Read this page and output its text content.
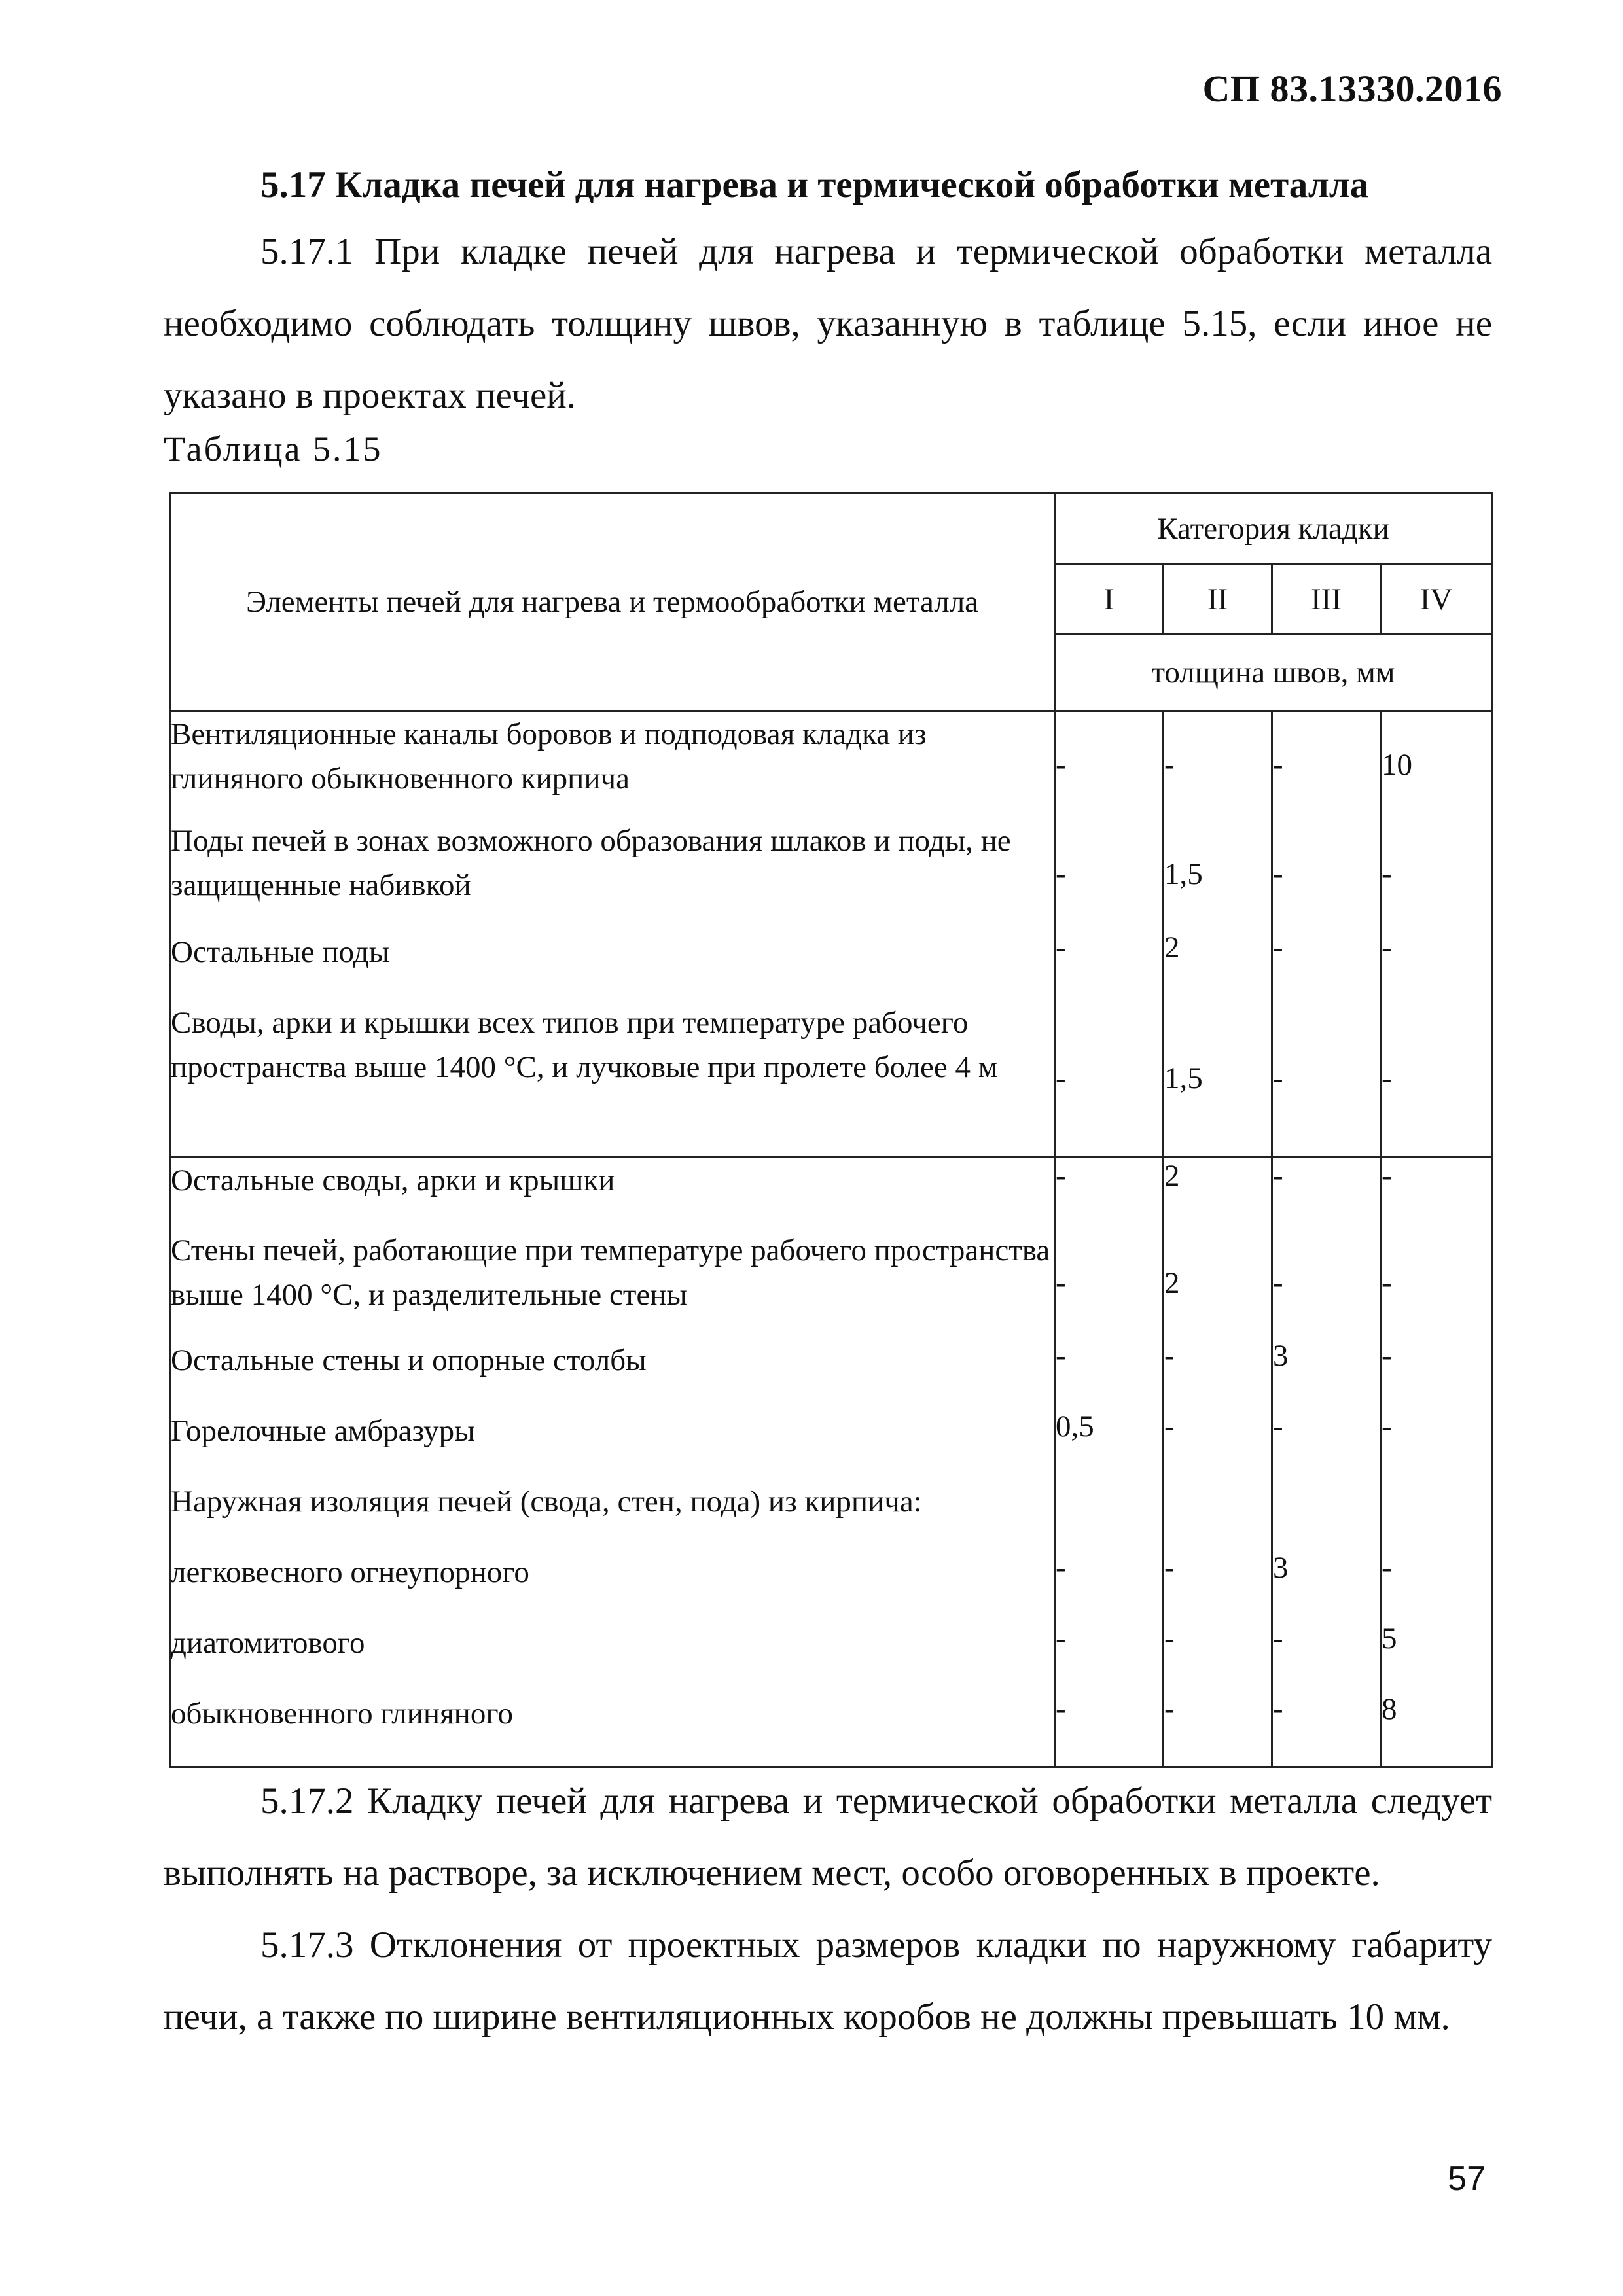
СП 83.13330.2016
5.17 Кладка печей для нагрева и термической обработки металла

5.17.1 При кладке печей для нагрева и термической обработки металла необходимо соблюдать толщину швов, указанную в таблице 5.15, если иное не указано в проектах печей.

Таблица 5.15
Элементы печей для нагрева и термообработки металла	Категория кладки			
	I	II	III	IV
	толщина швов, мм			
Вентиляционные каналы боровов и подподовая кладка из глиняного обыкновенного кирпича	-	-	-	10
Поды печей в зонах возможного образования шлаков и поды, не защищенные набивкой	-	1,5	-	-
Остальные поды	-	2	-	-
Своды, арки и крышки всех типов при температуре рабочего пространства выше 1400 °С, и лучковые при пролете более 4 м	-	1,5	-	-
Остальные своды, арки и крышки	-	2	-	-
Стены печей, работающие при температуре рабочего пространства выше 1400 °С, и разделительные стены	-	2	-	-
Остальные стены и опорные столбы	-	-	3	-
Горелочные амбразуры	0,5	-	-	-
Наружная изоляция печей (свода, стен, пода) из кирпича:				
легковесного огнеупорного	-	-	3	-
диатомитового	-	-	-	5
обыкновенного глиняного	-	-	-	8

5.17.2 Кладку печей для нагрева и термической обработки металла следует выполнять на растворе, за исключением мест, особо оговоренных в проекте.

5.17.3 Отклонения от проектных размеров кладки по наружному габариту печи, а также по ширине вентиляционных коробов не должны превышать 10 мм.

57
